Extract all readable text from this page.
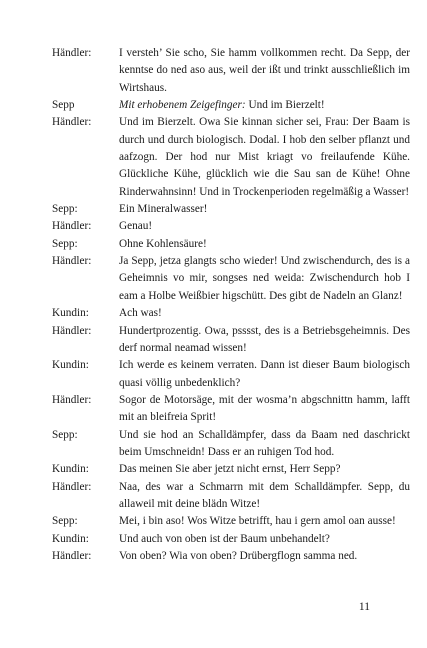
Händler:	I versteh’ Sie scho, Sie hamm vollkommen recht. Da Sepp, der kenntse do ned aso aus, weil der ißt und trinkt ausschließlich im Wirtshaus.
Sepp	Mit erhobenem Zeigefinger: Und im Bierzelt!
Händler:	Und im Bierzelt. Owa Sie kinnan sicher sei, Frau: Der Baam is durch und durch biologisch. Dodal. I hob den selber pflanzt und aafzogn. Der hod nur Mist kriagt vo freilaufende Kühe. Glückliche Kühe, glücklich wie die Sau san de Kühe! Ohne Rinderwahnsinn! Und in Trockenperioden regelmäßig a Wasser!
Sepp:	Ein Mineralwasser!
Händler:	Genau!
Sepp:	Ohne Kohlensäure!
Händler:	Ja Sepp, jetza glangts scho wieder! Und zwischendurch, des is a Geheimnis vo mir, songses ned weida: Zwischendurch hob I eam a Holbe Weißbier higschütt. Des gibt de Nadeln an Glanz!
Kundin:	Ach was!
Händler:	Hundertprozentig. Owa, psssst, des is a Betriebsgeheimnis. Des derf normal neamad wissen!
Kundin:	Ich werde es keinem verraten. Dann ist dieser Baum biologisch quasi völlig unbedenklich?
Händler:	Sogor de Motorsäge, mit der wosma’n abgschnittn hamm, lafft mit an bleifreia Sprit!
Sepp:	Und sie hod an Schalldämpfer, dass da Baam ned daschrickt beim Umschneidn! Dass er an ruhigen Tod hod.
Kundin:	Das meinen Sie aber jetzt nicht ernst, Herr Sepp?
Händler:	Naa, des war a Schmarrn mit dem Schalldämpfer. Sepp, du allaweil mit deine blädn Witze!
Sepp:	Mei, i bin aso! Wos Witze betrifft, hau i gern amol oan ausse!
Kundin:	Und auch von oben ist der Baum unbehandelt?
Händler:	Von oben? Wia von oben? Drübergflogn samma ned.
11
